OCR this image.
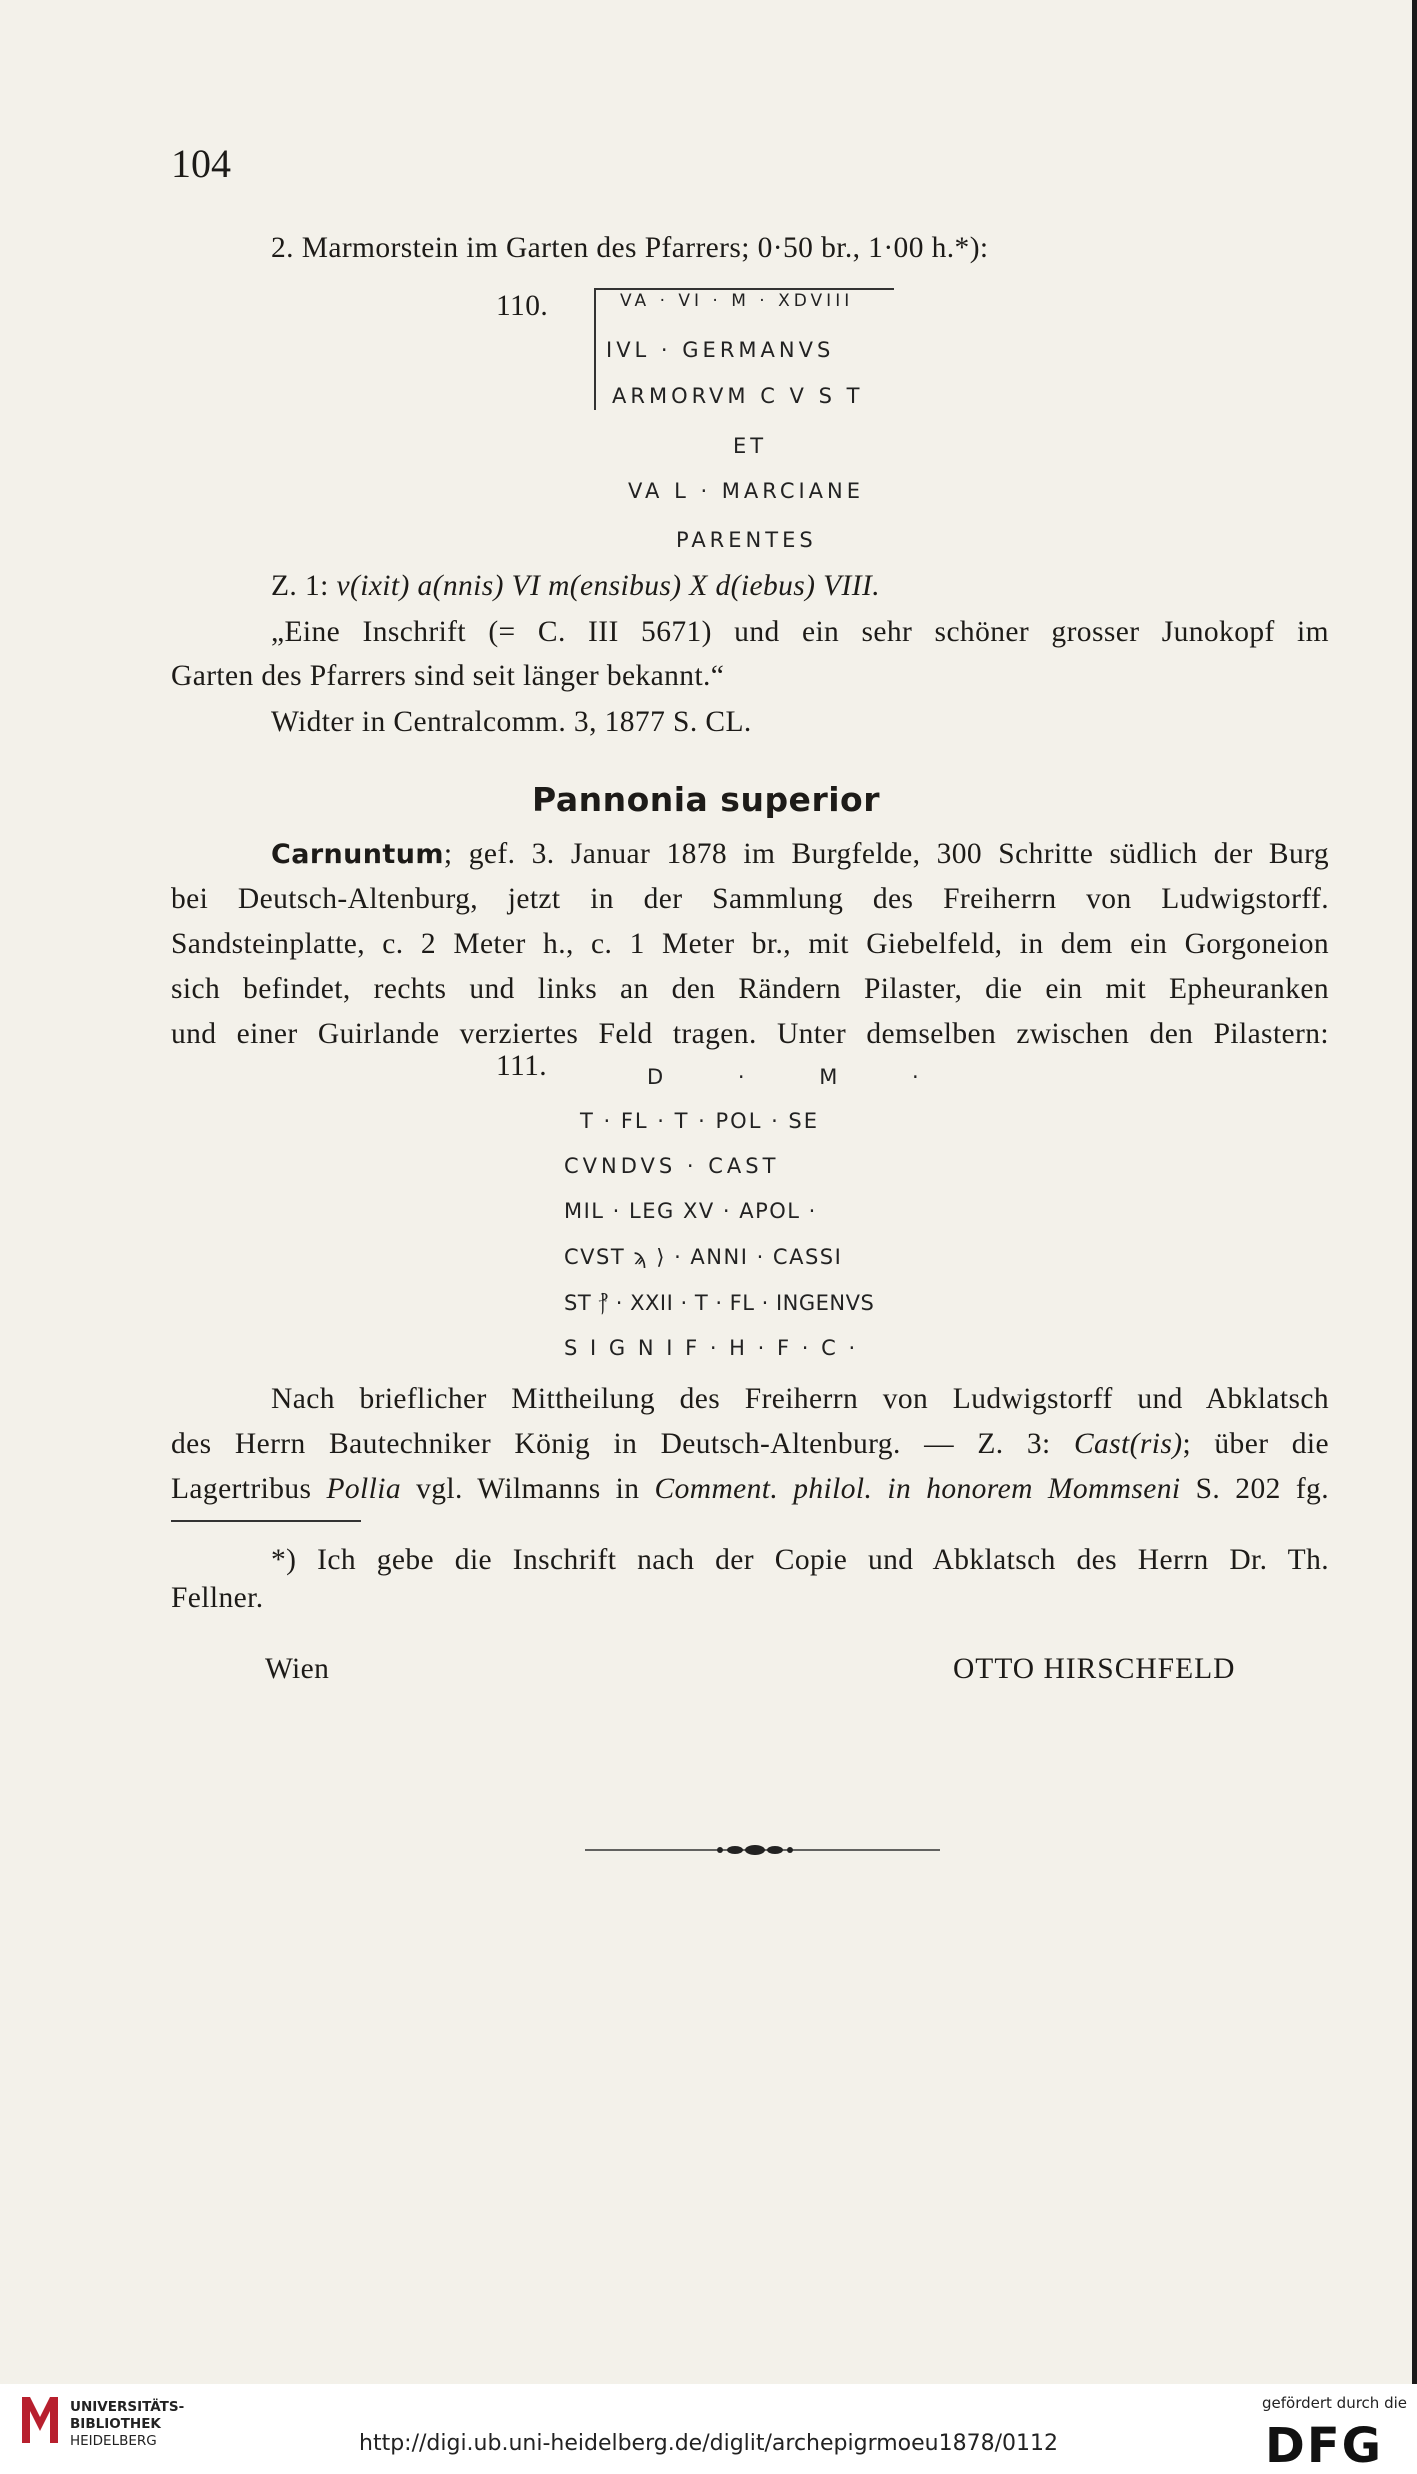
104
2. Marmorstein im Garten des Pfarrers; 0·50 br., 1·00 h.*):
110.	VA · VI · M · XDVIII
IVL · GERMANVS
ARMORVM C V S T
ET
VA L · MARCIANE
PARENTES
Z. 1: v(ixit) a(nnis) VI m(ensibus) X d(iebus) VIII.
„Eine Inschrift (= C. III 5671) und ein sehr schöner grosser Junokopf im
Garten des Pfarrers sind seit länger bekannt.“
Widter in Centralcomm. 3, 1877 S. CL.
Pannonia superior
Carnuntum; gef. 3. Januar 1878 im Burgfelde, 300 Schritte südlich der Burg
bei Deutsch-Altenburg, jetzt in der Sammlung des Freiherrn von Ludwigstorff.
Sandsteinplatte, c. 2 Meter h., c. 1 Meter br., mit Giebelfeld, in dem ein Gorgoneion
sich befindet, rechts und links an den Rändern Pilaster, die ein mit Epheuranken
und einer Guirlande verziertes Feld tragen. Unter demselben zwischen den Pilastern:
111.	D · M ·
T · FL · T · POL · SE
CVNDVS · CAST
MIL · LEG XV · APOL ·
CVST ϡ ⟩ · ANNI · CASSI
ST ⳨ · XXII · T · FL · INGENVS
S I G N I F · H · F · C ·
Nach brieflicher Mittheilung des Freiherrn von Ludwigstorff und Abklatsch
des Herrn Bautechniker König in Deutsch-Altenburg. — Z. 3: Cast(ris); über die
Lagertribus Pollia vgl. Wilmanns in Comment. philol. in honorem Mommseni S. 202 fg.
*) Ich gebe die Inschrift nach der Copie und Abklatsch des Herrn Dr. Th.
Fellner.
Wien	OTTO HIRSCHFELD
UNIVERSITÄTS-
BIBLIOTHEK
HEIDELBERG	http://digi.ub.uni-heidelberg.de/diglit/archepigrmoeu1878/0112
gefördert durch die
DFG
